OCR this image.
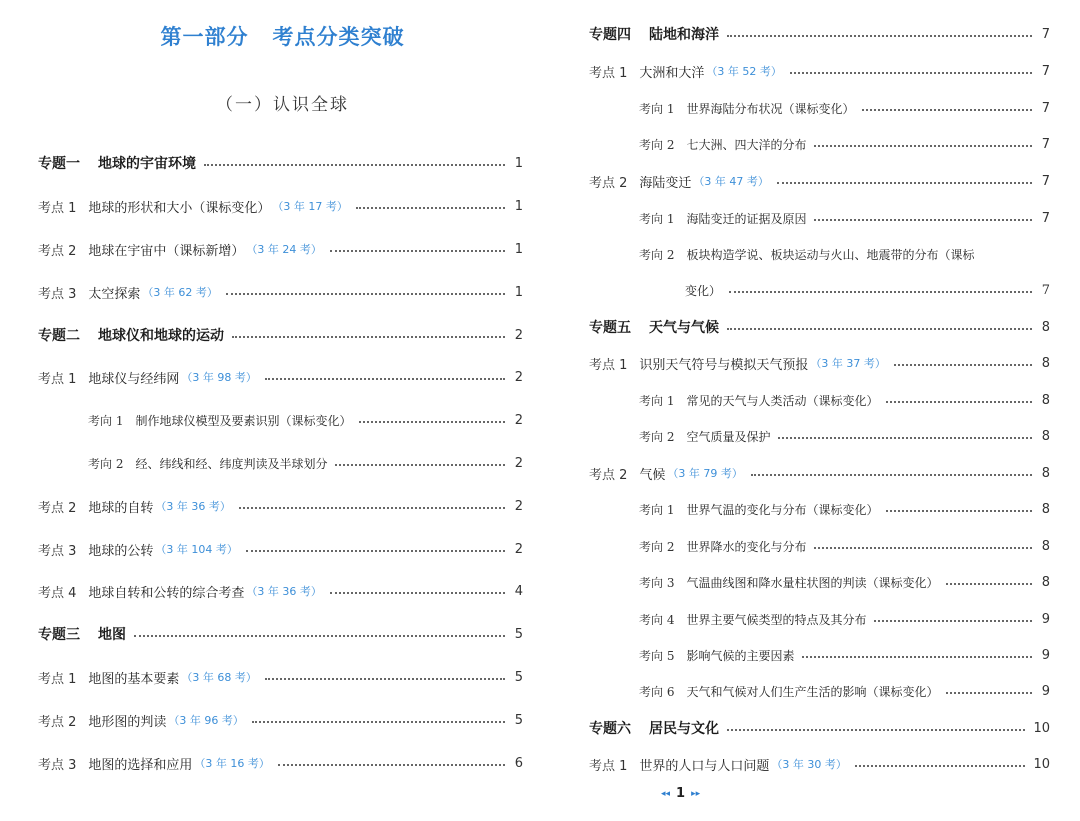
第一部分 考点分类突破
（一）认识全球
专题一 地球的宇宙环境	1
考点 1 地球的形状和大小（课标变化） （3 年 17 考）	1
考点 2 地球在宇宙中（课标新增） （3 年 24 考）	1
考点 3 太空探索 （3 年 62 考）	1
专题二 地球仪和地球的运动	2
考点 1 地球仪与经纬网 （3 年 98 考）	2
考向 1 制作地球仪模型及要素识别（课标变化）	2
考向 2 经、纬线和经、纬度判读及半球划分	2
考点 2 地球的自转 （3 年 36 考）	2
考点 3 地球的公转 （3 年 104 考）	2
考点 4 地球自转和公转的综合考查 （3 年 36 考）	4
专题三 地图	5
考点 1 地图的基本要素 （3 年 68 考）	5
考点 2 地形图的判读 （3 年 96 考）	5
考点 3 地图的选择和应用 （3 年 16 考）	6
专题四 陆地和海洋	7
考点 1 大洲和大洋 （3 年 52 考）	7
考向 1 世界海陆分布状况（课标变化）	7
考向 2 七大洲、四大洋的分布	7
考点 2 海陆变迁 （3 年 47 考）	7
考向 1 海陆变迁的证据及原因	7
考向 2 板块构造学说、板块运动与火山、地震带的分布（课标
变化）	7
专题五 天气与气候	8
考点 1 识别天气符号与模拟天气预报 （3 年 37 考）	8
考向 1 常见的天气与人类活动（课标变化）	8
考向 2 空气质量及保护	8
考点 2 气候 （3 年 79 考）	8
考向 1 世界气温的变化与分布（课标变化）	8
考向 2 世界降水的变化与分布	8
考向 3 气温曲线图和降水量柱状图的判读（课标变化）	8
考向 4 世界主要气候类型的特点及其分布	9
考向 5 影响气候的主要因素	9
考向 6 天气和气候对人们生产生活的影响（课标变化）	9
专题六 居民与文化	10
考点 1 世界的人口与人口问题 （3 年 30 考）	10
◂◂ 1 ▸▸
